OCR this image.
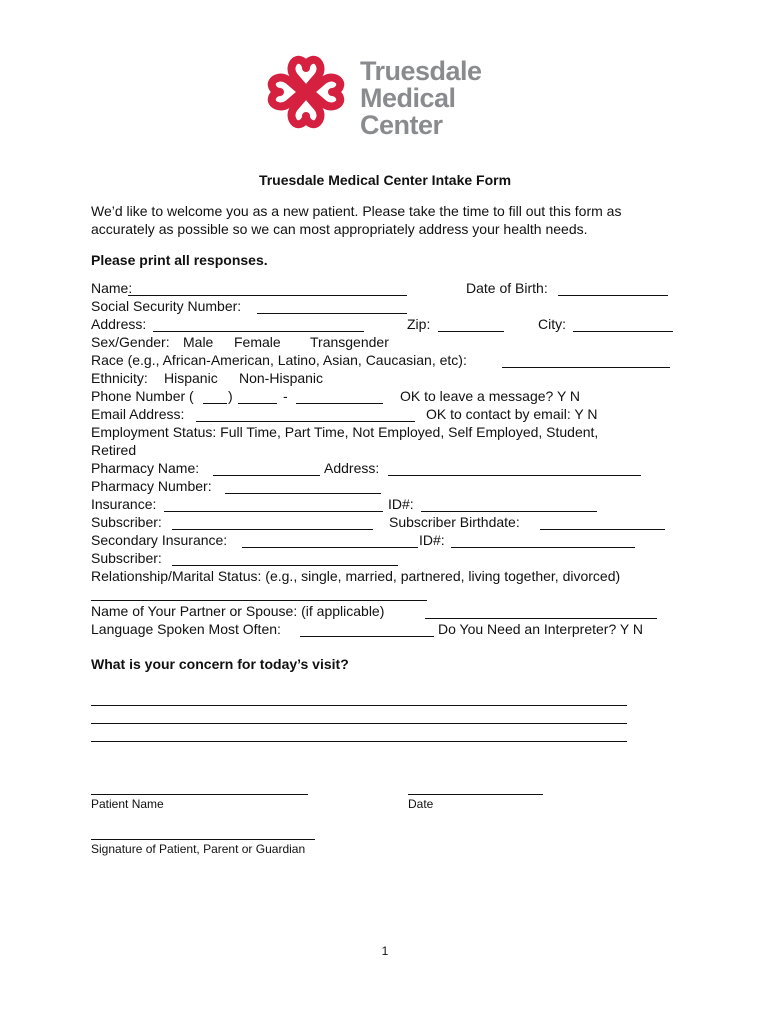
Truesdale
Medical
Center
Truesdale Medical Center Intake Form
We’d like to welcome you as a new patient. Please take the time to fill out this form as
accurately as possible so we can most appropriately address your health needs.
Please print all responses.
Name:	Date of Birth:
Social Security Number:
Address:	Zip:	City:
Sex/Gender: Male Female Transgender
Race (e.g., African-American, Latino, Asian, Caucasian, etc):
Ethnicity: Hispanic Non-Hispanic
Phone Number ( )	-	OK to leave a message? Y N
Email Address:	OK to contact by email: Y N
Employment Status: Full Time, Part Time, Not Employed, Self Employed, Student,
Retired
Pharmacy Name:	Address:
Pharmacy Number:
Insurance:	ID#:
Subscriber:	Subscriber Birthdate:
Secondary Insurance:	ID#:
Subscriber:
Relationship/Marital Status: (e.g., single, married, partnered, living together, divorced)
Name of Your Partner or Spouse: (if applicable)
Language Spoken Most Often:	Do You Need an Interpreter? Y N
What is your concern for today’s visit?
Patient Name	Date
Signature of Patient, Parent or Guardian
1
